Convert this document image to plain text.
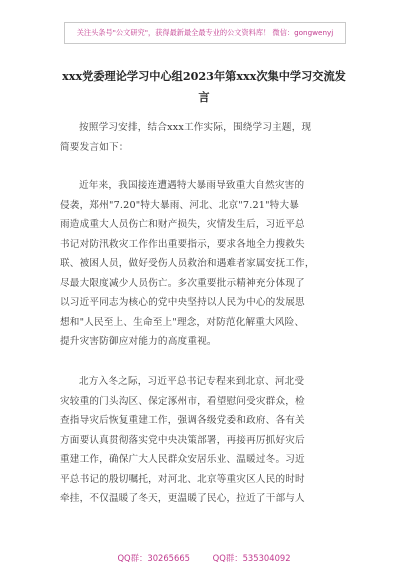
关注头条号"公文研究"，获得最新最全最专业的公文资料库！ 微信：gongwenyj
xxx党委理论学习中心组2023年第xxx次集中学习交流发
言
按照学习安排，结合xxx工作实际，围绕学习主题，现
简要发言如下：
近年来，我国接连遭遇特大暴雨导致重大自然灾害的
侵袭，郑州"7.20"特大暴雨、河北、北京"7.21"特大暴
雨造成重大人员伤亡和财产损失，灾情发生后，习近平总
书记对防汛救灾工作作出重要指示，要求各地全力搜救失
联、被困人员，做好受伤人员救治和遇难者家属安抚工作，
尽最大限度减少人员伤亡。多次重要批示精神充分体现了
以习近平同志为核心的党中央坚持以人民为中心的发展思
想和"人民至上、生命至上"理念，对防范化解重大风险、
提升灾害防御应对能力的高度重视。
北方入冬之际，习近平总书记专程来到北京、河北受
灾较重的门头沟区、保定涿州市，看望慰问受灾群众，检
查指导灾后恢复重建工作，强调各级党委和政府、各有关
方面要认真贯彻落实党中央决策部署，再接再厉抓好灾后
重建工作，确保广大人民群众安居乐业、温暖过冬。习近
平总书记的殷切嘱托，对河北、北京等重灾区人民的时时
牵挂，不仅温暖了冬天，更温暖了民心，拉近了干部与人
QQ群：30265665	QQ群：535304092
